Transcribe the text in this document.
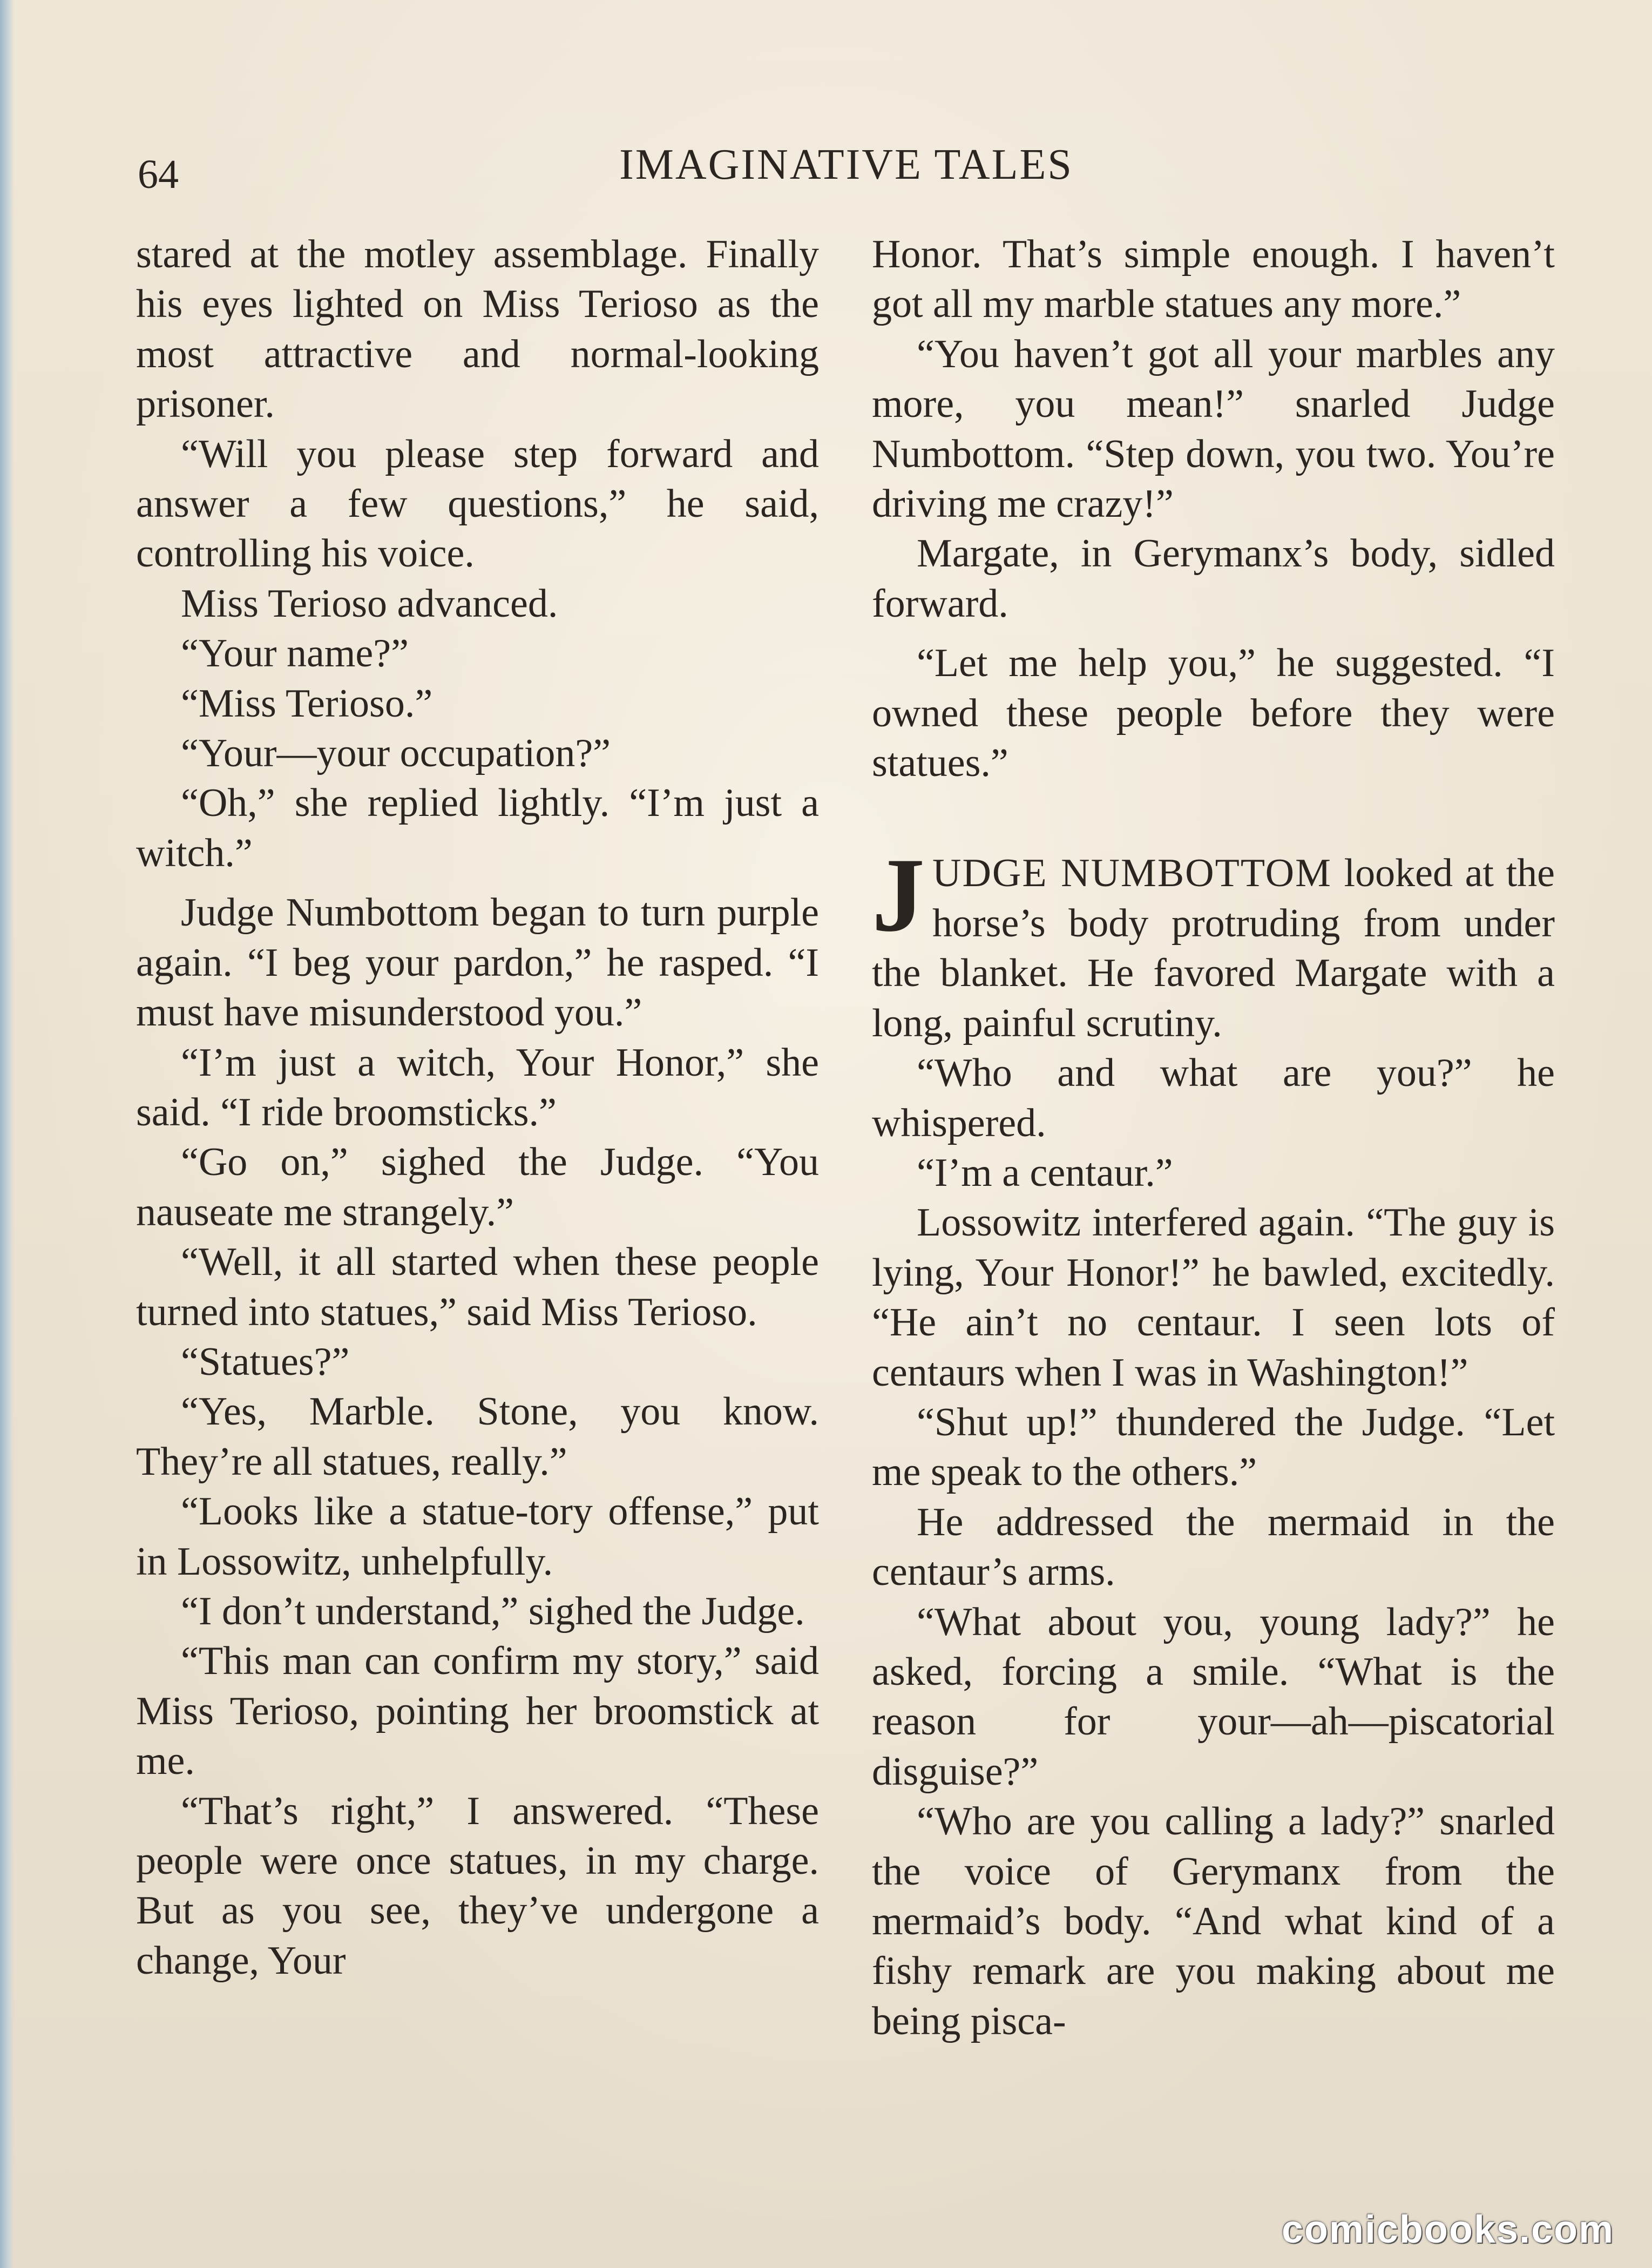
64	IMAGINATIVE TALES

stared at the motley assemblage. Finally his eyes lighted on Miss Terioso as the most attractive and normal-looking prisoner.

“Will you please step forward and answer a few questions,” he said, controlling his voice.

Miss Terioso advanced.

“Your name?”

“Miss Terioso.”

“Your—your occupation?”

“Oh,” she replied lightly. “I’m just a witch.”

Judge Numbottom began to turn purple again. “I beg your pardon,” he rasped. “I must have misunderstood you.”

“I’m just a witch, Your Honor,” she said. “I ride broomsticks.”

“Go on,” sighed the Judge. “You nauseate me strangely.”

“Well, it all started when these people turned into statues,” said Miss Terioso.

“Statues?”

“Yes, Marble. Stone, you know. They’re all statues, really.”

“Looks like a statue-tory offense,” put in Lossowitz, unhelpfully.

“I don’t understand,” sighed the Judge.

“This man can confirm my story,” said Miss Terioso, pointing her broomstick at me.

“That’s right,” I answered. “These people were once statues, in my charge. But as you see, they’ve undergone a change, Your

Honor. That’s simple enough. I haven’t got all my marble statues any more.”

“You haven’t got all your marbles any more, you mean!” snarled Judge Numbottom. “Step down, you two. You’re driving me crazy!”

Margate, in Gerymanx’s body, sidled forward.

“Let me help you,” he suggested. “I owned these people before they were statues.”

JUDGE NUMBOTTOM looked at the horse’s body protruding from under the blanket. He favored Margate with a long, painful scrutiny.

“Who and what are you?” he whispered.

“I’m a centaur.”

Lossowitz interfered again. “The guy is lying, Your Honor!” he bawled, excitedly. “He ain’t no centaur. I seen lots of centaurs when I was in Washington!”

“Shut up!” thundered the Judge. “Let me speak to the others.”

He addressed the mermaid in the centaur’s arms.

“What about you, young lady?” he asked, forcing a smile. “What is the reason for your—ah—piscatorial disguise?”

“Who are you calling a lady?” snarled the voice of Gerymanx from the mermaid’s body. “And what kind of a fishy remark are you making about me being pisca-

comicbooks.com
